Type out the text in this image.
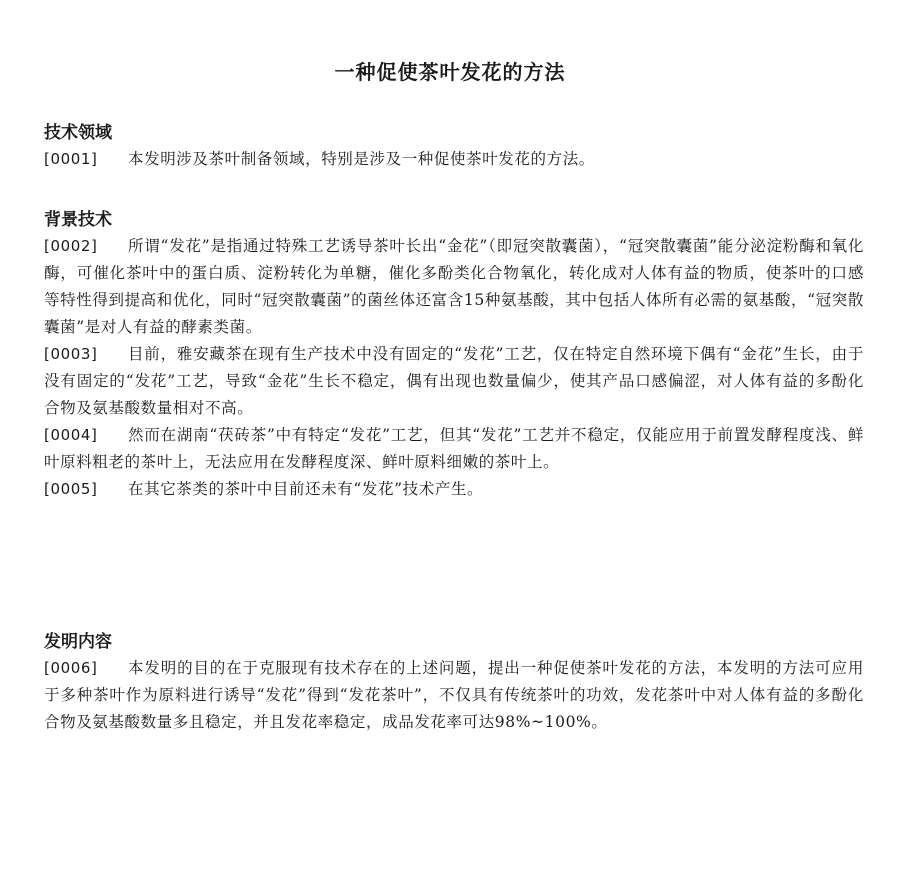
一种促使茶叶发花的方法
技术领域
[0001]	本发明涉及茶叶制备领域，特别是涉及一种促使茶叶发花的方法。
背景技术
[0002]	所谓“发花”是指通过特殊工艺诱导茶叶长出“金花”（即冠突散囊菌），“冠突散囊菌”能分泌淀粉酶和氧化酶，可催化茶叶中的蛋白质、淀粉转化为单糖，催化多酚类化合物氧化，转化成对人体有益的物质，使茶叶的口感等特性得到提高和优化，同时“冠突散囊菌”的菌丝体还富含15种氨基酸，其中包括人体所有必需的氨基酸，“冠突散囊菌”是对人有益的酵素类菌。
[0003]	目前，雅安藏茶在现有生产技术中没有固定的“发花”工艺，仅在特定自然环境下偶有“金花”生长，由于没有固定的“发花”工艺，导致“金花”生长不稳定，偶有出现也数量偏少，使其产品口感偏涩，对人体有益的多酚化合物及氨基酸数量相对不高。
[0004]	然而在湖南“茯砖茶”中有特定“发花”工艺，但其“发花”工艺并不稳定，仅能应用于前置发酵程度浅、鲜叶原料粗老的茶叶上，无法应用在发酵程度深、鲜叶原料细嫩的茶叶上。
[0005]	在其它茶类的茶叶中目前还未有“发花”技术产生。
发明内容
[0006]	本发明的目的在于克服现有技术存在的上述问题，提出一种促使茶叶发花的方法，本发明的方法可应用于多种茶叶作为原料进行诱导“发花”得到“发花茶叶”，不仅具有传统茶叶的功效，发花茶叶中对人体有益的多酚化合物及氨基酸数量多且稳定，并且发花率稳定，成品发花率可达98%~100%。
